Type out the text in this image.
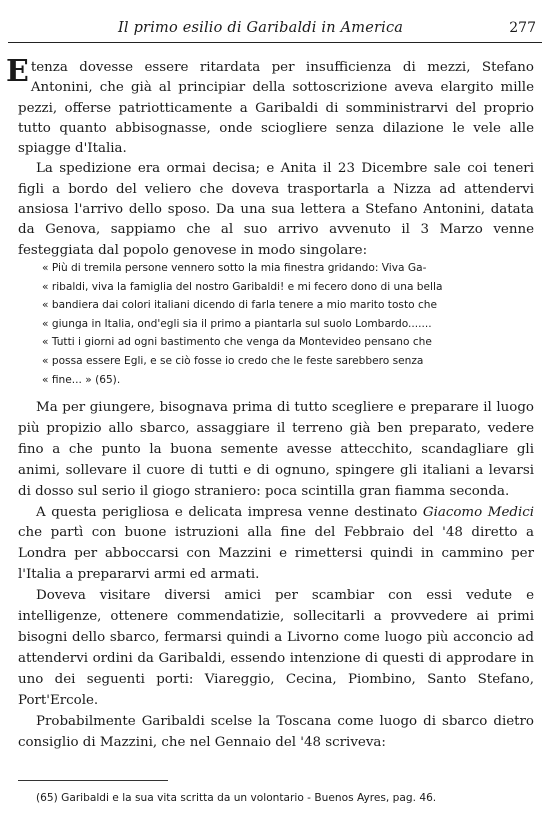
Il primo esilio di Garibaldi in America	277

Etenza dovesse essere ritardata per insufficienza di mezzi, Stefano Antonini, che già al principiar della sottoscrizione aveva elargito mille pezzi, offerse patriotticamente a Garibaldi di somministrarvi del proprio tutto quanto abbisognasse, onde sciogliere senza dilazione le vele alle spiagge d'Italia.

La spedizione era ormai decisa; e Anita il 23 Dicembre sale coi teneri figli a bordo del veliero che doveva trasportarla a Nizza ad attendervi ansiosa l'arrivo dello sposo. Da una sua lettera a Stefano Antonini, datata da Genova, sappiamo che al suo arrivo avvenuto il 3 Marzo venne festeggiata dal popolo genovese in modo singolare:

« Più di tremila persone vennero sotto la mia finestra gridando: Viva Ga-

« ribaldi, viva la famiglia del nostro Garibaldi! e mi fecero dono di una bella

« bandiera dai colori italiani dicendo di farla tenere a mio marito tosto che

« giunga in Italia, ond'egli sia il primo a piantarla sul suolo Lombardo.......

« Tutti i giorni ad ogni bastimento che venga da Montevideo pensano che

« possa essere Egli, e se ciò fosse io credo che le feste sarebbero senza

« fine... » (65).

Ma per giungere, bisognava prima di tutto scegliere e preparare il luogo più propizio allo sbarco, assaggiare il terreno già ben preparato, vedere fino a che punto la buona semente avesse attecchito, scandagliare gli animi, sollevare il cuore di tutti e di ognuno, spingere gli italiani a levarsi di dosso sul serio il giogo straniero: poca scintilla gran fiamma seconda.

A questa perigliosa e delicata impresa venne destinato Giacomo Medici che partì con buone istruzioni alla fine del Febbraio del '48 diretto a Londra per abboccarsi con Mazzini e rimettersi quindi in cammino per l'Italia a prepararvi armi ed armati.

Doveva visitare diversi amici per scambiar con essi vedute e intelligenze, ottenere commendatizie, sollecitarli a provvedere ai primi bisogni dello sbarco, fermarsi quindi a Livorno come luogo più acconcio ad attendervi ordini da Garibaldi, essendo intenzione di questi di approdare in uno dei seguenti porti: Viareggio, Cecina, Piombino, Santo Stefano, Port'Ercole.

Probabilmente Garibaldi scelse la Toscana come luogo di sbarco dietro consiglio di Mazzini, che nel Gennaio del '48 scriveva:

(65) Garibaldi e la sua vita scritta da un volontario - Buenos Ayres, pag. 46.
